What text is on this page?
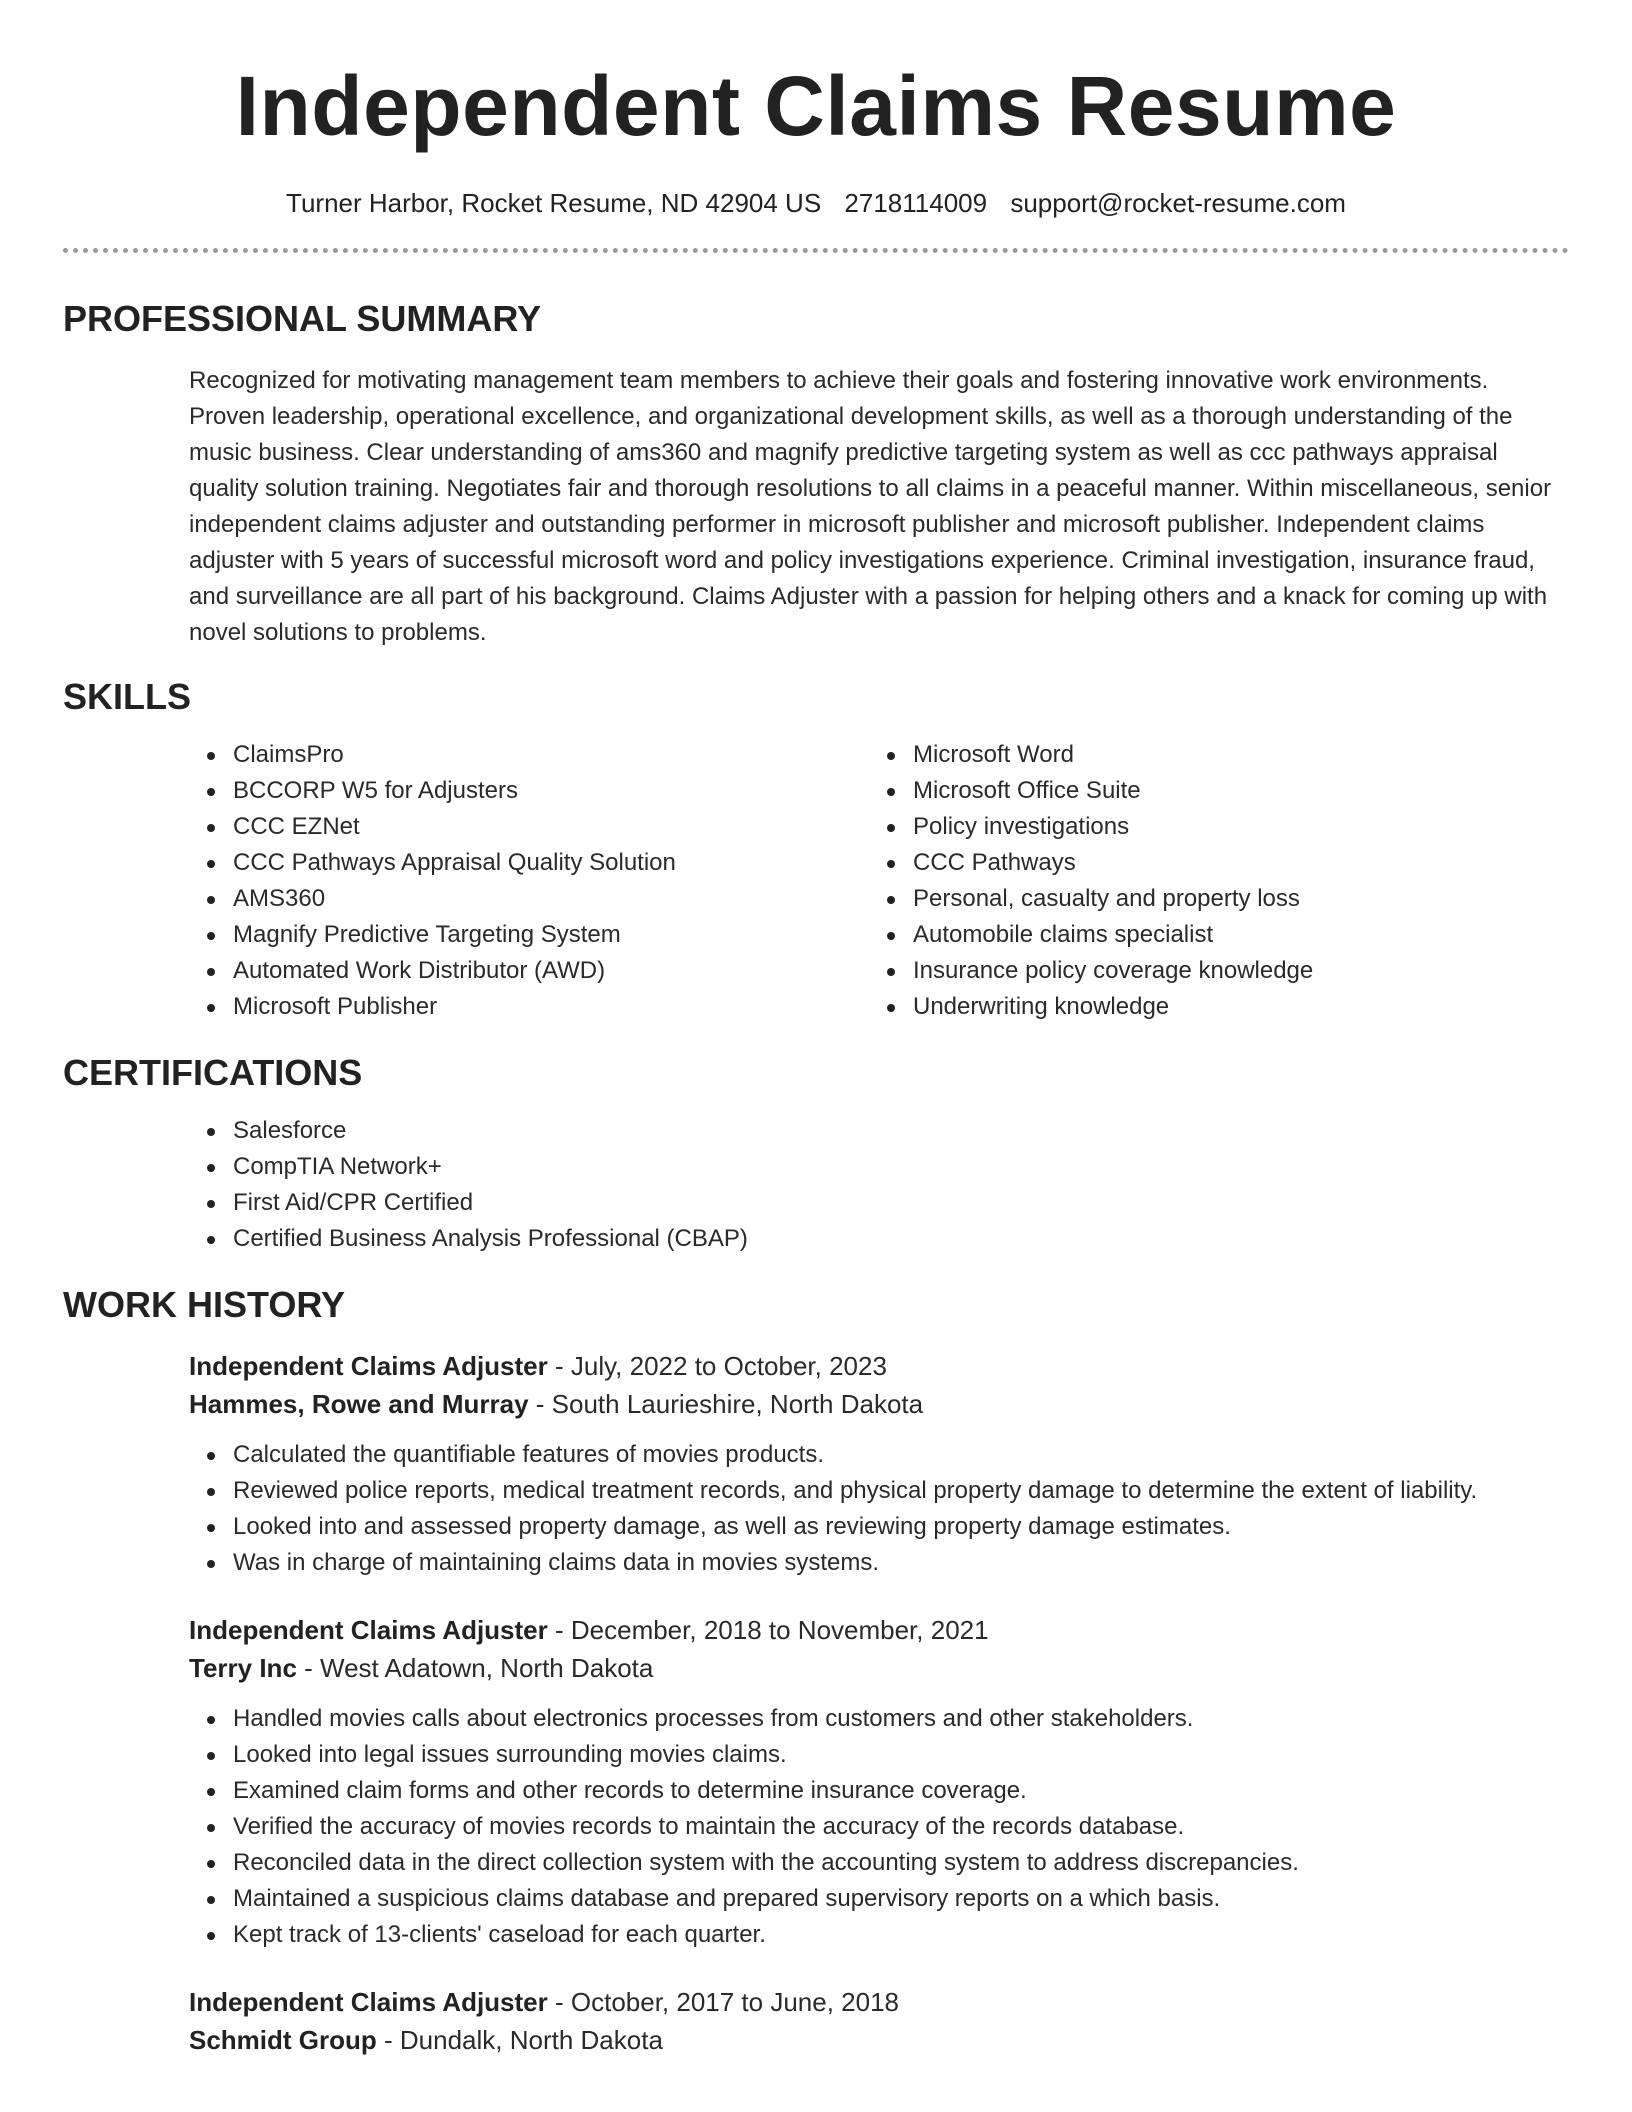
Independent Claims Resume
Turner Harbor, Rocket Resume, ND 42904 US 2718114009 support@rocket-resume.com
PROFESSIONAL SUMMARY

Recognized for motivating management team members to achieve their goals and fostering innovative work environments. Proven leadership, operational excellence, and organizational development skills, as well as a thorough understanding of the music business. Clear understanding of ams360 and magnify predictive targeting system as well as ccc pathways appraisal quality solution training. Negotiates fair and thorough resolutions to all claims in a peaceful manner. Within miscellaneous, senior independent claims adjuster and outstanding performer in microsoft publisher and microsoft publisher. Independent claims adjuster with 5 years of successful microsoft word and policy investigations experience. Criminal investigation, insurance fraud, and surveillance are all part of his background. Claims Adjuster with a passion for helping others and a knack for coming up with novel solutions to problems.

SKILLS
ClaimsPro
BCCORP W5 for Adjusters
CCC EZNet
CCC Pathways Appraisal Quality Solution
AMS360
Magnify Predictive Targeting System
Automated Work Distributor (AWD)
Microsoft Publisher
Microsoft Word
Microsoft Office Suite
Policy investigations
CCC Pathways
Personal, casualty and property loss
Automobile claims specialist
Insurance policy coverage knowledge
Underwriting knowledge
CERTIFICATIONS
Salesforce
CompTIA Network+
First Aid/CPR Certified
Certified Business Analysis Professional (CBAP)
WORK HISTORY
Independent Claims Adjuster - July, 2022 to October, 2023
Hammes, Rowe and Murray - South Laurieshire, North Dakota
Calculated the quantifiable features of movies products.
Reviewed police reports, medical treatment records, and physical property damage to determine the extent of liability.
Looked into and assessed property damage, as well as reviewing property damage estimates.
Was in charge of maintaining claims data in movies systems.
Independent Claims Adjuster - December, 2018 to November, 2021
Terry Inc - West Adatown, North Dakota
Handled movies calls about electronics processes from customers and other stakeholders.
Looked into legal issues surrounding movies claims.
Examined claim forms and other records to determine insurance coverage.
Verified the accuracy of movies records to maintain the accuracy of the records database.
Reconciled data in the direct collection system with the accounting system to address discrepancies.
Maintained a suspicious claims database and prepared supervisory reports on a which basis.
Kept track of 13-clients' caseload for each quarter.
Independent Claims Adjuster - October, 2017 to June, 2018
Schmidt Group - Dundalk, North Dakota
